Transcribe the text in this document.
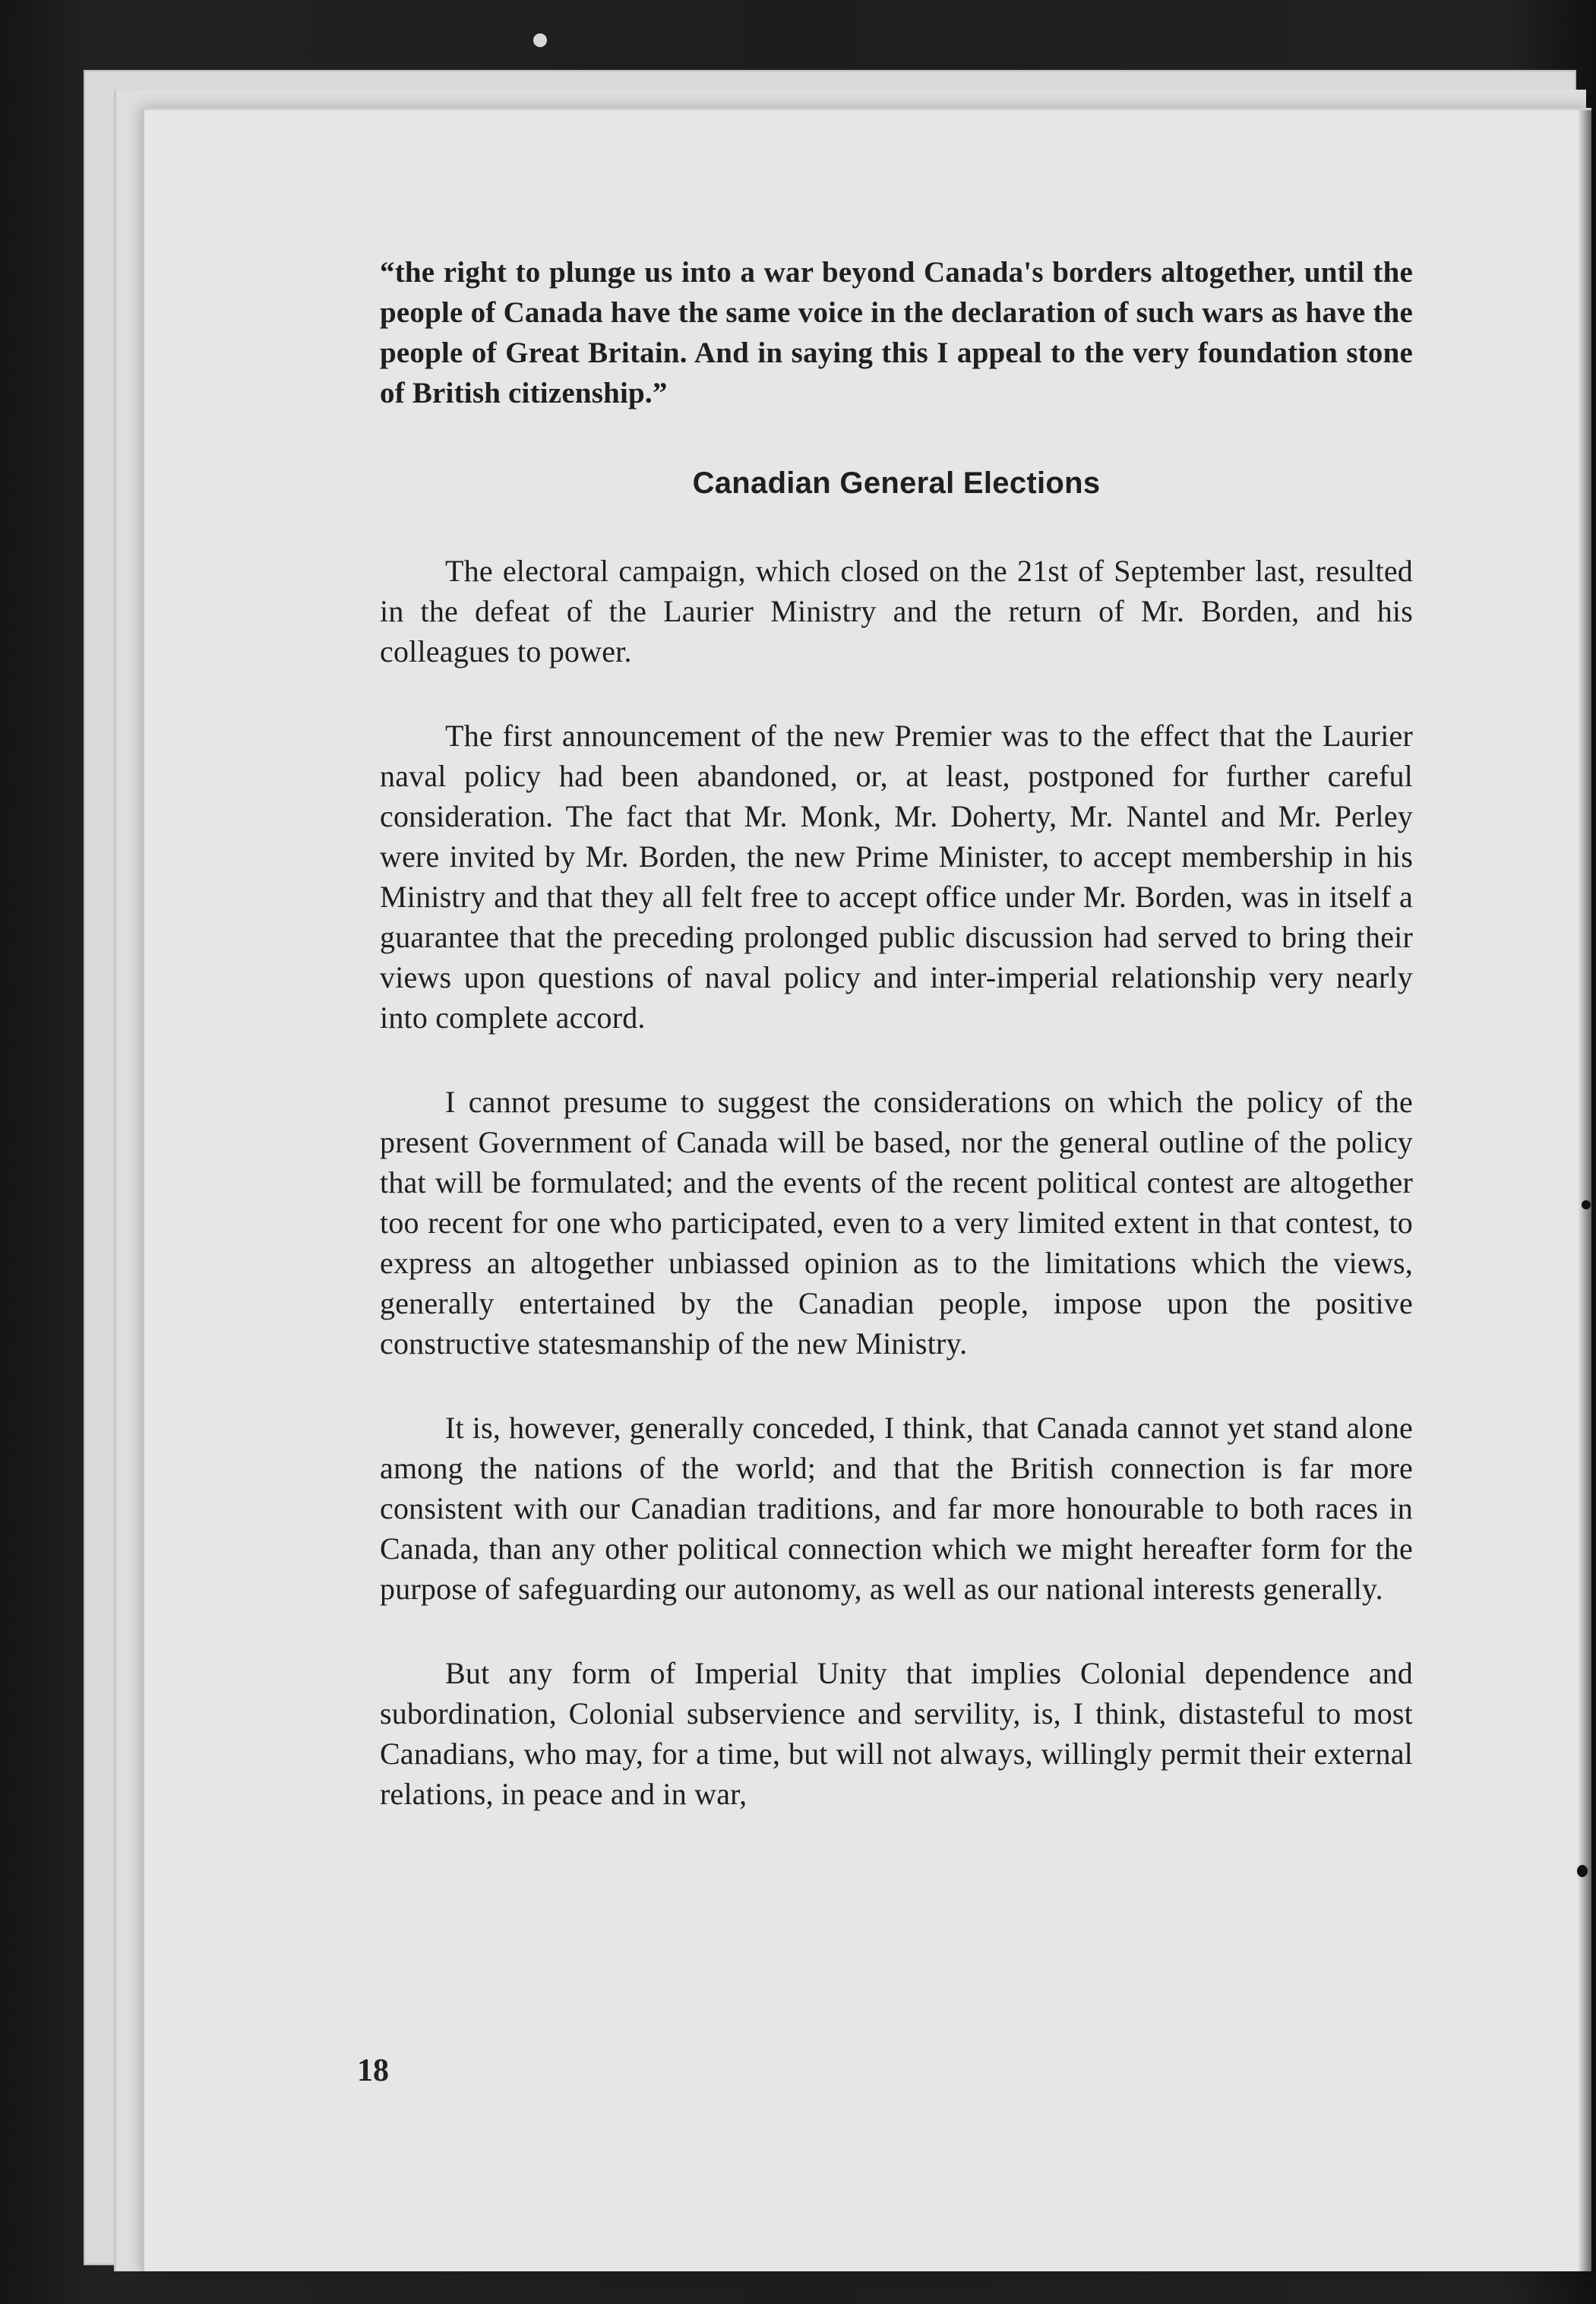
“the right to plunge us into a war beyond Canada's borders altogether, until the people of Canada have the same voice in the declaration of such wars as have the people of Great Britain. And in saying this I appeal to the very foundation stone of British citizenship.”

Canadian General Elections

The electoral campaign, which closed on the 21st of September last, resulted in the defeat of the Laurier Ministry and the return of Mr. Borden, and his colleagues to power.

The first announcement of the new Premier was to the effect that the Laurier naval policy had been abandoned, or, at least, postponed for further careful consideration. The fact that Mr. Monk, Mr. Doherty, Mr. Nantel and Mr. Perley were invited by Mr. Borden, the new Prime Minister, to accept membership in his Ministry and that they all felt free to accept office under Mr. Borden, was in itself a guarantee that the preceding prolonged public discussion had served to bring their views upon questions of naval policy and inter-imperial relationship very nearly into complete accord.

I cannot presume to suggest the considerations on which the policy of the present Government of Canada will be based, nor the general outline of the policy that will be formulated; and the events of the recent political contest are altogether too recent for one who participated, even to a very limited extent in that contest, to express an altogether unbiassed opinion as to the limitations which the views, generally entertained by the Canadian people, impose upon the positive constructive statesmanship of the new Ministry.

It is, however, generally conceded, I think, that Canada cannot yet stand alone among the nations of the world; and that the British connection is far more consistent with our Canadian traditions, and far more honourable to both races in Canada, than any other political connection which we might hereafter form for the purpose of safeguarding our autonomy, as well as our national interests generally.

But any form of Imperial Unity that implies Colonial dependence and subordination, Colonial subservience and servility, is, I think, distasteful to most Canadians, who may, for a time, but will not always, willingly permit their external relations, in peace and in war,

18
